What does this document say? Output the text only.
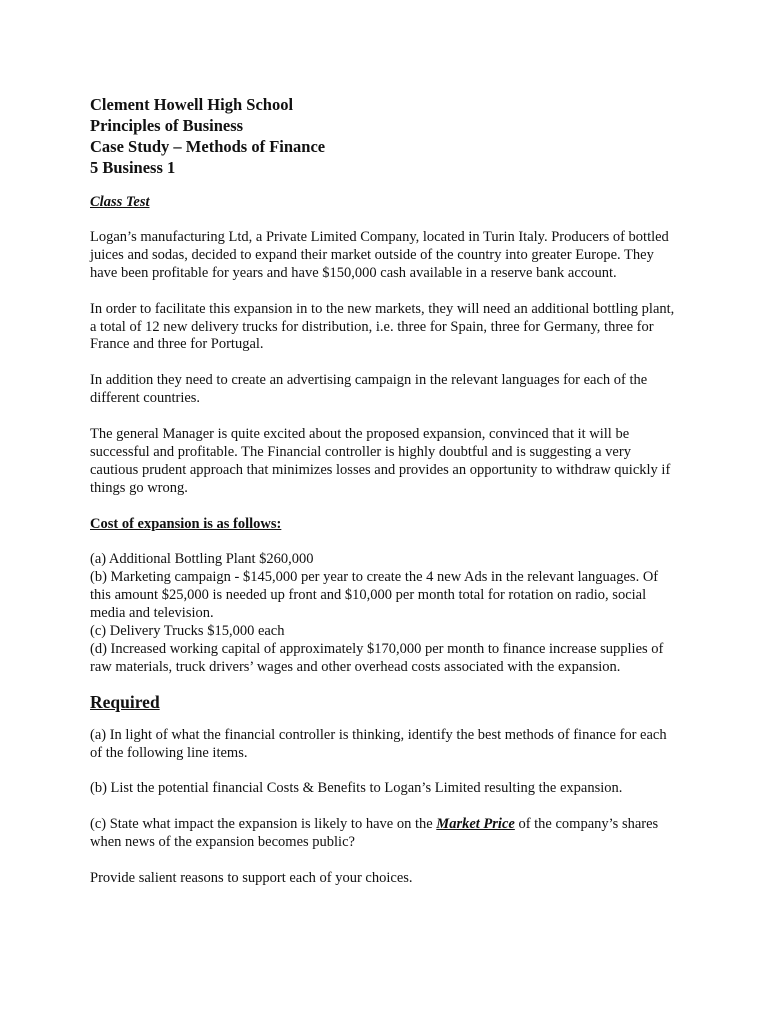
Clement Howell High School

Principles of Business

Case Study – Methods of Finance

5 Business 1

Class Test

Logan’s manufacturing Ltd, a Private Limited Company, located in Turin Italy. Producers of bottled juices and sodas, decided to expand their market outside of the country into greater Europe. They have been profitable for years and have $150,000 cash available in a reserve bank account.

In order to facilitate this expansion in to the new markets, they will need an additional bottling plant, a total of 12 new delivery trucks for distribution, i.e. three for Spain, three for Germany, three for France and three for Portugal.

In addition they need to create an advertising campaign in the relevant languages for each of the different countries.

The general Manager is quite excited about the proposed expansion, convinced that it will be successful and profitable. The Financial controller is highly doubtful and is suggesting a very cautious prudent approach that minimizes losses and provides an opportunity to withdraw quickly if things go wrong.

Cost of expansion is as follows:

(a) Additional Bottling Plant $260,000

(b) Marketing campaign - $145,000 per year to create the 4 new Ads in the relevant languages. Of this amount $25,000 is needed up front and $10,000 per month total for rotation on radio, social media and television.

(c) Delivery Trucks $15,000 each

(d) Increased working capital of approximately $170,000 per month to finance increase supplies of raw materials, truck drivers’ wages and other overhead costs associated with the expansion.

Required

(a) In light of what the financial controller is thinking, identify the best methods of finance for each of the following line items.

(b) List the potential financial Costs & Benefits to Logan’s Limited resulting the expansion.

(c) State what impact the expansion is likely to have on the Market Price of the company’s shares when news of the expansion becomes public?

Provide salient reasons to support each of your choices.
